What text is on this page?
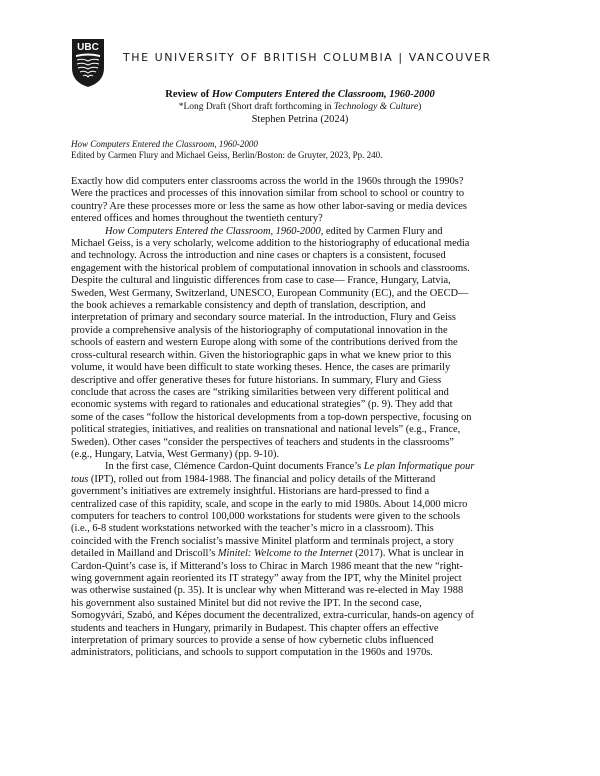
UBC
THE UNIVERSITY OF BRITISH COLUMBIA | VANCOUVER
Review of How Computers Entered the Classroom, 1960-2000
*Long Draft (Short draft forthcoming in Technology & Culture)
Stephen Petrina (2024)
How Computers Entered the Classroom, 1960-2000
Edited by Carmen Flury and Michael Geiss, Berlin/Boston: de Gruyter, 2023, Pp. 240.
Exactly how did computers enter classrooms across the world in the 1960s through the 1990s?
Were the practices and processes of this innovation similar from school to school or country to
country? Are these processes more or less the same as how other labor-saving or media devices
entered offices and homes throughout the twentieth century?
How Computers Entered the Classroom, 1960-2000, edited by Carmen Flury and
Michael Geiss, is a very scholarly, welcome addition to the historiography of educational media
and technology. Across the introduction and nine cases or chapters is a consistent, focused
engagement with the historical problem of computational innovation in schools and classrooms.
Despite the cultural and linguistic differences from case to case— France, Hungary, Latvia,
Sweden, West Germany, Switzerland, UNESCO, European Community (EC), and the OECD—
the book achieves a remarkable consistency and depth of translation, description, and
interpretation of primary and secondary source material. In the introduction, Flury and Geiss
provide a comprehensive analysis of the historiography of computational innovation in the
schools of eastern and western Europe along with some of the contributions derived from the
cross-cultural research within. Given the historiographic gaps in what we knew prior to this
volume, it would have been difficult to state working theses. Hence, the cases are primarily
descriptive and offer generative theses for future historians. In summary, Flury and Giess
conclude that across the cases are “striking similarities between very different political and
economic systems with regard to rationales and educational strategies” (p. 9). They add that
some of the cases “follow the historical developments from a top-down perspective, focusing on
political strategies, initiatives, and realities on transnational and national levels” (e.g., France,
Sweden). Other cases “consider the perspectives of teachers and students in the classrooms”
(e.g., Hungary, Latvia, West Germany) (pp. 9-10).
In the first case, Clémence Cardon-Quint documents France’s Le plan Informatique pour
tous (IPT), rolled out from 1984-1988. The financial and policy details of the Mitterand
government’s initiatives are extremely insightful. Historians are hard-pressed to find a
centralized case of this rapidity, scale, and scope in the early to mid 1980s. About 14,000 micro
computers for teachers to control 100,000 workstations for students were given to the schools
(i.e., 6-8 student workstations networked with the teacher’s micro in a classroom). This
coincided with the French socialist’s massive Minitel platform and terminals project, a story
detailed in Mailland and Driscoll’s Minitel: Welcome to the Internet (2017). What is unclear in
Cardon-Quint’s case is, if Mitterand’s loss to Chirac in March 1986 meant that the new “right-
wing government again reoriented its IT strategy” away from the IPT, why the Minitel project
was otherwise sustained (p. 35). It is unclear why when Mitterand was re-elected in May 1988
his government also sustained Minitel but did not revive the IPT. In the second case,
Somogyvári, Szabó, and Képes document the decentralized, extra-curricular, hands-on agency of
students and teachers in Hungary, primarily in Budapest. This chapter offers an effective
interpretation of primary sources to provide a sense of how cybernetic clubs influenced
administrators, politicians, and schools to support computation in the 1960s and 1970s.
